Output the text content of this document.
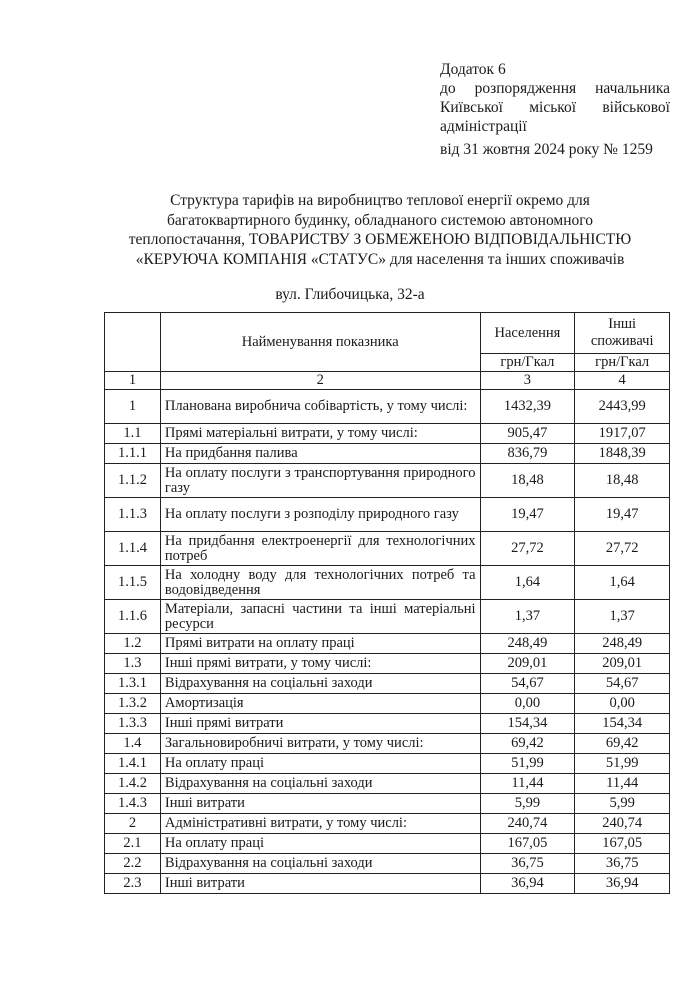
Додаток 6
до розпорядження начальника
Київської міської військової
адміністрації
від 31 жовтня 2024 року № 1259
Структура тарифів на виробництво теплової енергії окремо для
багатоквартирного будинку, обладнаного системою автономного
теплопостачання, ТОВАРИСТВУ З ОБМЕЖЕНОЮ ВІДПОВІДАЛЬНІСТЮ
«КЕРУЮЧА КОМПАНІЯ «СТАТУС» для населення та інших споживачів
вул. Глибочицька, 32-а
	Найменування показника	Населення	Інші споживачі
		грн/Гкал	грн/Гкал
1	2	3	4
1	Планована виробнича собівартість, у тому числі:	1432,39	2443,99
1.1	Прямі матеріальні витрати, у тому числі:	905,47	1917,07
1.1.1	На придбання палива	836,79	1848,39
1.1.2	На оплату послуги з транспортування природного газу	18,48	18,48
1.1.3	На оплату послуги з розподілу природного газу	19,47	19,47
1.1.4	На придбання електроенергії для технологічних потреб	27,72	27,72
1.1.5	На холодну воду для технологічних потреб та водовідведення	1,64	1,64
1.1.6	Матеріали, запасні частини та інші матеріальні ресурси	1,37	1,37
1.2	Прямі витрати на оплату праці	248,49	248,49
1.3	Інші прямі витрати, у тому числі:	209,01	209,01
1.3.1	Відрахування на соціальні заходи	54,67	54,67
1.3.2	Амортизація	0,00	0,00
1.3.3	Інші прямі витрати	154,34	154,34
1.4	Загальновиробничі витрати, у тому числі:	69,42	69,42
1.4.1	На оплату праці	51,99	51,99
1.4.2	Відрахування на соціальні заходи	11,44	11,44
1.4.3	Інші витрати	5,99	5,99
2	Адміністративні витрати, у тому числі:	240,74	240,74
2.1	На оплату праці	167,05	167,05
2.2	Відрахування на соціальні заходи	36,75	36,75
2.3	Інші витрати	36,94	36,94
